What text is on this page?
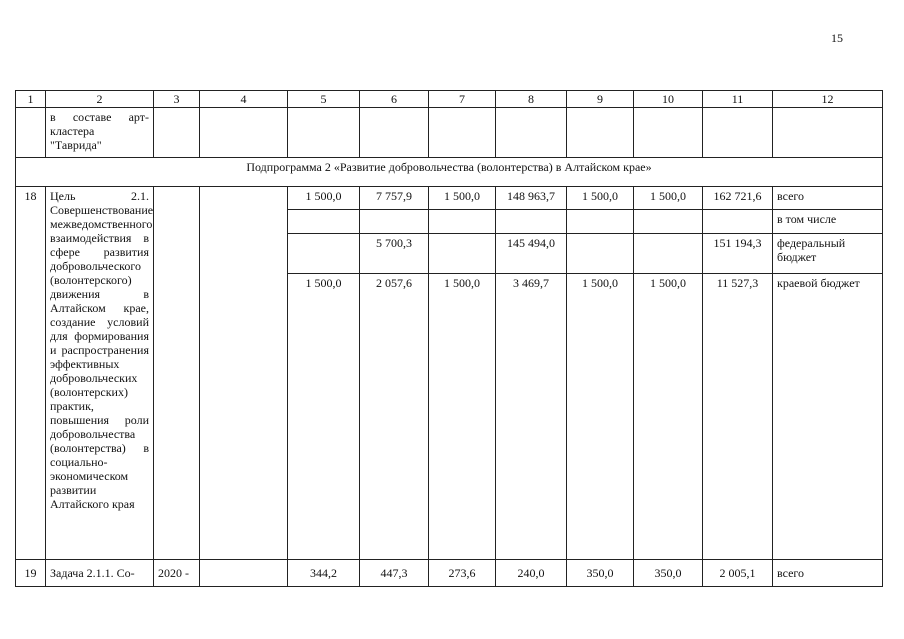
15
1	2	3	4	5	6	7	8	9	10	11	12
	в составе арт-кластера "Таврида"										
Подпрограмма 2 «Развитие добровольчества (волонтерства) в Алтайском крае»											
18	Цель 2.1. Совершенствование межведомственного взаимодействия в сфере развития добровольческого (волонтерского) движения в Алтайском крае, создание условий для формирования и распространения эффективных добровольческих (волонтерских) практик, повышения роли добровольчества (волонтерства) в социально-экономическом развитии Алтайского края			1 500,0	7 757,9	1 500,0	148 963,7	1 500,0	1 500,0	162 721,6	всего
											в том числе
					5 700,3		145 494,0			151 194,3	федеральный бюджет
				1 500,0	2 057,6	1 500,0	3 469,7	1 500,0	1 500,0	11 527,3	краевой бюджет
19	Задача 2.1.1. Со-	2020 -		344,2	447,3	273,6	240,0	350,0	350,0	2 005,1	всего
